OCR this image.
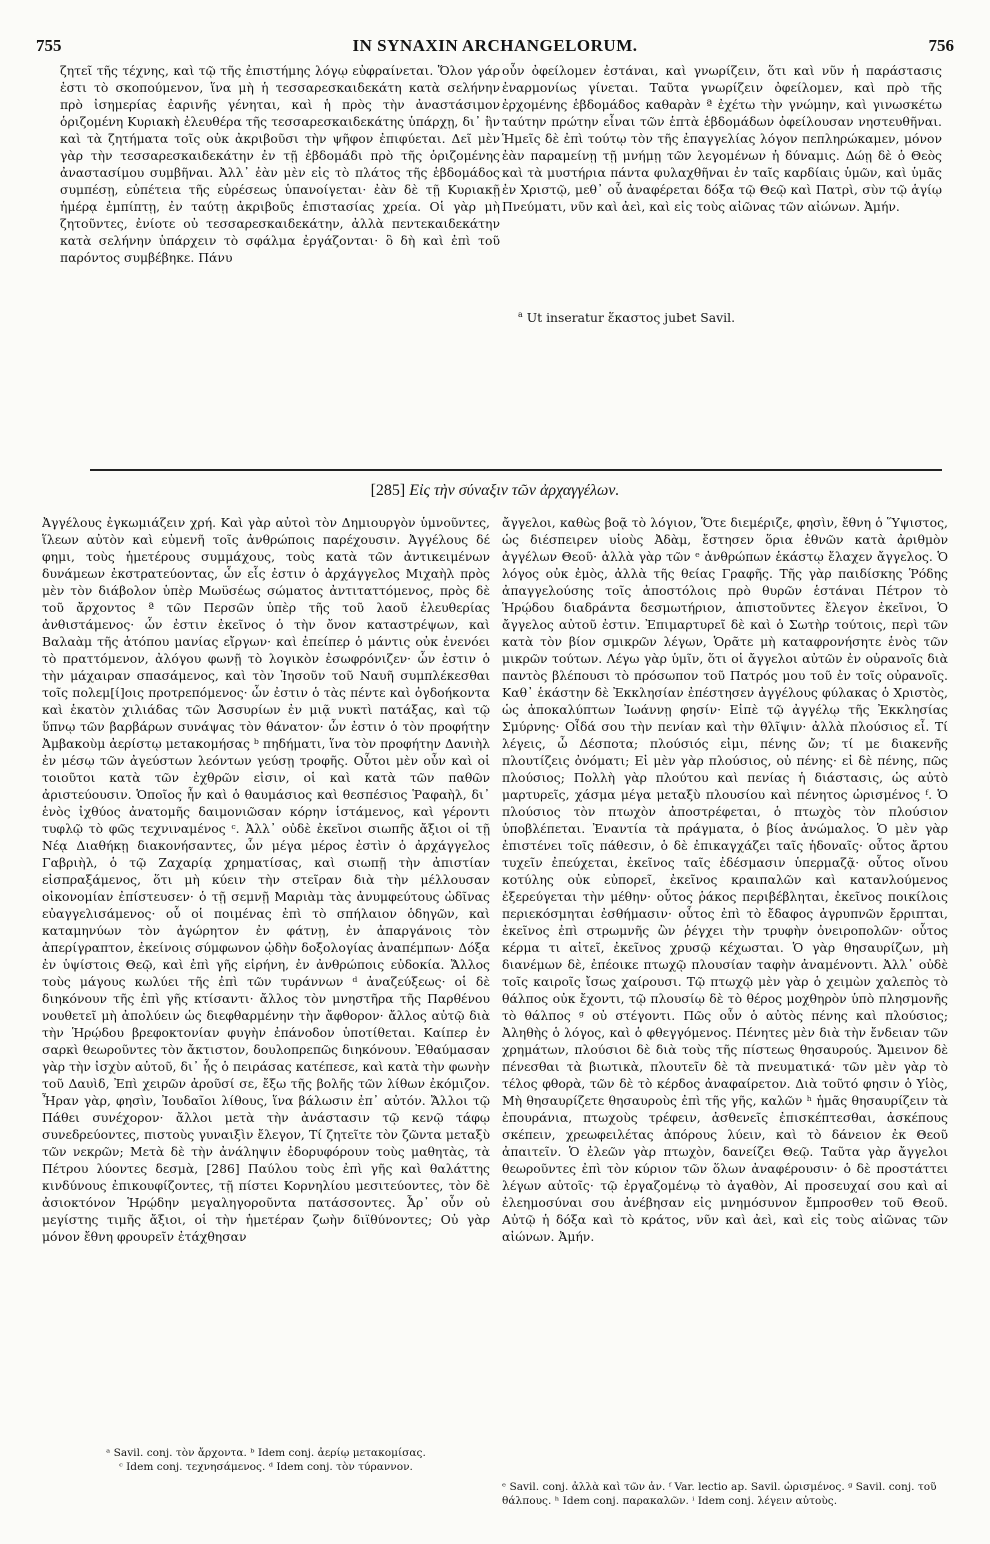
755	IN SYNAXIN ARCHANGELORUM.	756

ζητεῖ τῆς τέχνης, καὶ τῷ τῆς ἐπιστήμης λόγῳ εὐφραίνεται. Ὅλον γάρ ἐστι τὸ σκοπούμενον, ἵνα μὴ ἡ τεσσαρεσκαιδεκάτη κατὰ σελήνην πρὸ ἰσημερίας ἐαρινῆς γένηται, καὶ ἡ πρὸς τὴν ἀναστάσιμον ὁριζομένη Κυριακὴ ἐλευθέρα τῆς τεσσαρεσκαιδεκάτης ὑπάρχῃ, δι᾽ ἣν καὶ τὰ ζητήματα τοῖς οὐκ ἀκριβοῦσι τὴν ψῆφον ἐπιφύεται. Δεῖ μὲν γὰρ τὴν τεσσαρεσκαιδεκάτην ἐν τῇ ἑβδομάδι πρὸ τῆς ὁριζομένης ἀναστασίμου συμβῆναι. Ἀλλ᾽ ἐὰν μὲν εἰς τὸ πλάτος τῆς ἑβδομάδος συμπέσῃ, εὐπέτεια τῆς εὑρέσεως ὑπανοίγεται· ἐὰν δὲ τῇ Κυριακῇ ἡμέρᾳ ἐμπίπτῃ, ἐν ταύτῃ ἀκριβοῦς ἐπιστασίας χρεία. Οἱ γὰρ μὴ ζητοῦντες, ἐνίοτε οὐ τεσσαρεσκαιδεκάτην, ἀλλὰ πεντεκαιδεκάτην κατὰ σελήνην ὑπάρχειν τὸ σφάλμα ἐργάζονται· ὃ δὴ καὶ ἐπὶ τοῦ παρόντος συμβέβηκε. Πάνυ

οὖν ὀφείλομεν ἐστάναι, καὶ γνωρίζειν, ὅτι καὶ νῦν ἡ παράστασις ἐναρμονίως γίνεται. Ταῦτα γνωρίζειν ὀφείλομεν, καὶ πρὸ τῆς ἐρχομένης ἑβδομάδος καθαρὰν ª ἐχέτω τὴν γνώμην, καὶ γινωσκέτω ταύτην πρώτην εἶναι τῶν ἑπτὰ ἑβδομάδων ὀφείλουσαν νηστευθῆναι. Ἡμεῖς δὲ ἐπὶ τούτῳ τὸν τῆς ἐπαγγελίας λόγον πεπληρώκαμεν, μόνον ἐὰν παραμείνῃ τῇ μνήμῃ τῶν λεγομένων ἡ δύναμις. Δώῃ δὲ ὁ Θεὸς καὶ τὰ μυστήρια πάντα φυλαχθῆναι ἐν ταῖς καρδίαις ὑμῶν, καὶ ὑμᾶς ἐν Χριστῷ, μεθ᾽ οὗ ἀναφέρεται δόξα τῷ Θεῷ καὶ Πατρὶ, σὺν τῷ ἁγίῳ Πνεύματι, νῦν καὶ ἀεὶ, καὶ εἰς τοὺς αἰῶνας τῶν αἰώνων. Ἀμήν.

$^a$ Ut inseratur ἕκαστος jubet Savil.
[285] Εἰς τὴν σύναξιν τῶν ἀρχαγγέλων.

Ἀγγέλους ἐγκωμιάζειν χρή. Καὶ γὰρ αὐτοὶ τὸν Δημιουργὸν ὑμνοῦντες, ἵλεων αὐτὸν καὶ εὐμενῆ τοῖς ἀνθρώποις παρέχουσιν. Ἀγγέλους δέ φημι, τοὺς ἡμετέρους συμμάχους, τοὺς κατὰ τῶν ἀντικειμένων δυνάμεων ἐκστρατεύοντας, ὧν εἷς ἐστιν ὁ ἀρχάγγελος Μιχαὴλ πρὸς μὲν τὸν διάβολον ὑπὲρ Μωϋσέως σώματος ἀντιταττόμενος, πρὸς δὲ τοῦ ἄρχοντος ª τῶν Περσῶν ὑπὲρ τῆς τοῦ λαοῦ ἐλευθερίας ἀνθιστάμενος· ὧν ἐστιν ἐκεῖνος ὁ τὴν ὄνον καταστρέψων, καὶ Βαλαὰμ τῆς ἀτόπου μανίας εἴργων· καὶ ἐπείπερ ὁ μάντις οὐκ ἐνενόει τὸ πραττόμενον, ἀλόγου φωνῇ τὸ λογικὸν ἐσωφρόνιζεν· ὧν ἐστιν ὁ τὴν μάχαιραν σπασάμενος, καὶ τὸν Ἰησοῦν τοῦ Ναυῆ συμπλέκεσθαι τοῖς πολεμ[ί]οις προτρεπόμενος· ὧν ἐστιν ὁ τὰς πέντε καὶ ὀγδοήκοντα καὶ ἑκατὸν χιλιάδας τῶν Ἀσσυρίων ἐν μιᾷ νυκτὶ πατάξας, καὶ τῷ ὕπνῳ τῶν βαρβάρων συνάψας τὸν θάνατον· ὧν ἐστιν ὁ τὸν προφήτην Ἀμβακοὺμ ἀερίστῳ μετακομήσας ᵇ πηδήματι, ἵνα τὸν προφήτην Δανιὴλ ἐν μέσῳ τῶν ἀγεύστων λεόντων γεύσῃ τροφῆς. Οὗτοι μὲν οὖν καὶ οἱ τοιοῦτοι κατὰ τῶν ἐχθρῶν εἰσιν, οἱ καὶ κατὰ τῶν παθῶν ἀριστεύουσιν. Ὁποῖος ἦν καὶ ὁ θαυμάσιος καὶ θεσπέσιος Ῥαφαὴλ, δι᾽ ἑνὸς ἰχθύος ἀνατομῆς δαιμονιῶσαν κόρην ἱστάμενος, καὶ γέροντι τυφλῷ τὸ φῶς τεχνιναμένος ᶜ. Ἀλλ᾽ οὐδὲ ἐκεῖνοι σιωπῆς ἄξιοι οἱ τῇ Νέᾳ Διαθήκῃ διακονήσαντες, ὧν μέγα μέρος ἐστὶν ὁ ἀρχάγγελος Γαβριὴλ, ὁ τῷ Ζαχαρίᾳ χρηματίσας, καὶ σιωπῇ τὴν ἀπιστίαν εἰσπραξάμενος, ὅτι μὴ κύειν τὴν στεῖραν διὰ τὴν μέλλουσαν οἰκονομίαν ἐπίστευσεν· ὁ τῇ σεμνῇ Μαριὰμ τὰς ἀνυμφεύτους ὠδῖνας εὐαγγελισάμενος· οὗ οἱ ποιμένας ἐπὶ τὸ σπήλαιον ὁδηγῶν, καὶ καταμηνύων τὸν ἀγώρητον ἐν φάτνῃ, ἐν ἀπαργάνοις τὸν ἀπερίγραπτον, ἐκείνοις σύμφωνον ᾠδὴν δοξολογίας ἀναπέμπων· Δόξα ἐν ὑψίστοις Θεῷ, καὶ ἐπὶ γῆς εἰρήνη, ἐν ἀνθρώποις εὐδοκία. Ἄλλος τοὺς μάγους κωλύει τῆς ἐπὶ τῶν τυράννων ᵈ ἀναζεύξεως· οἱ δὲ διηκόνουν τῆς ἐπὶ γῆς κτίσαντι· ἄλλος τὸν μνηστῆρα τῆς Παρθένου νουθετεῖ μὴ ἀπολύειν ὡς διεφθαρμένην τὴν ἄφθορον· ἄλλος αὐτῷ διὰ τὴν Ἡρῴδου βρεφοκτονίαν φυγὴν ἐπάνοδον ὑποτίθεται. Καίπερ ἐν σαρκὶ θεωροῦντες τὸν ἄκτιστον, δουλοπρεπῶς διηκόνουν. Ἐθαύμασαν γὰρ τὴν ἰσχὺν αὐτοῦ, δι᾽ ἧς ὁ πειράσας κατέπεσε, καὶ κατὰ τὴν φωνὴν τοῦ Δαυὶδ, Ἐπὶ χειρῶν ἀροῦσί σε, ἔξω τῆς βολῆς τῶν λίθων ἐκόμιζον. Ἦραν γὰρ, φησὶν, Ἰουδαῖοι λίθους, ἵνα βάλωσιν ἐπ᾽ αὐτόν. Ἄλλοι τῷ Πάθει συνέχορον· ἄλλοι μετὰ τὴν ἀνάστασιν τῷ κενῷ τάφῳ συνεδρεύοντες, πιστοὺς γυναιξὶν ἔλεγον, Τί ζητεῖτε τὸν ζῶντα μεταξὺ τῶν νεκρῶν; Μετὰ δὲ τὴν ἀνάληψιν ἐδορυφόρουν τοὺς μαθητὰς, τὰ Πέτρου λύοντες δεσμὰ, [286] Παύλου τοὺς ἐπὶ γῆς καὶ θαλάττης κινδύνους ἐπικουφίζοντες, τῇ πίστει Κορνηλίου μεσιτεύοντες, τὸν δὲ ἀσιοκτόνον Ἡρῴδην μεγαληγοροῦντα πατάσσοντες. Ἆρ᾽ οὖν οὐ μεγίστης τιμῆς ἄξιοι, οἱ τὴν ἡμετέραν ζωὴν διϊθύνοντες; Οὐ γὰρ μόνον ἔθνη φρουρεῖν ἐτάχθησαν

ἄγγελοι, καθὼς βοᾷ τὸ λόγιον, Ὅτε διεμέριζε, φησὶν, ἔθνη ὁ Ὕψιστος, ὡς διέσπειρεν υἱοὺς Ἀδὰμ, ἔστησεν ὅρια ἐθνῶν κατὰ ἀριθμὸν ἀγγέλων Θεοῦ· ἀλλὰ γὰρ τῶν ᵉ ἀνθρώπων ἑκάστῳ ἔλαχεν ἄγγελος. Ὁ λόγος οὐκ ἐμὸς, ἀλλὰ τῆς θείας Γραφῆς. Τῆς γὰρ παιδίσκης Ῥόδης ἀπαγγελούσης τοῖς ἀποστόλοις πρὸ θυρῶν ἑστάναι Πέτρον τὸ Ἡρῴδου διαδράντα δεσμωτήριον, ἀπιστοῦντες ἔλεγον ἐκεῖνοι, Ὁ ἄγγελος αὐτοῦ ἐστιν. Ἐπιμαρτυρεῖ δὲ καὶ ὁ Σωτὴρ τούτοις, περὶ τῶν κατὰ τὸν βίον σμικρῶν λέγων, Ὁρᾶτε μὴ καταφρονήσητε ἑνὸς τῶν μικρῶν τούτων. Λέγω γὰρ ὑμῖν, ὅτι οἱ ἄγγελοι αὐτῶν ἐν οὐρανοῖς διὰ παντὸς βλέπουσι τὸ πρόσωπον τοῦ Πατρός μου τοῦ ἐν τοῖς οὐρανοῖς. Καθ᾽ ἑκάστην δὲ Ἐκκλησίαν ἐπέστησεν ἀγγέλους φύλακας ὁ Χριστὸς, ὡς ἀποκαλύπτων Ἰωάννῃ φησίν· Εἰπὲ τῷ ἀγγέλῳ τῆς Ἐκκλησίας Σμύρνης· Οἶδά σου τὴν πενίαν καὶ τὴν θλῖψιν· ἀλλὰ πλούσιος εἶ. Τί λέγεις, ὦ Δέσποτα; πλούσιός εἰμι, πένης ὤν; τί με διακενῆς πλουτίζεις ὀνόματι; Εἰ μὲν γὰρ πλούσιος, οὐ πένης· εἰ δὲ πένης, πῶς πλούσιος; Πολλὴ γὰρ πλούτου καὶ πενίας ἡ διάστασις, ὡς αὐτὸ μαρτυρεῖς, χάσμα μέγα μεταξὺ πλουσίου καὶ πένητος ὡρισμένος ᶠ. Ὁ πλούσιος τὸν πτωχὸν ἀποστρέφεται, ὁ πτωχὸς τὸν πλούσιον ὑποβλέπεται. Ἐναντία τὰ πράγματα, ὁ βίος ἀνώμαλος. Ὁ μὲν γὰρ ἐπιστένει τοῖς πάθεσιν, ὁ δὲ ἐπικαγχάζει ταῖς ἡδοναῖς· οὗτος ἄρτου τυχεῖν ἐπεύχεται, ἐκεῖνος ταῖς ἐδέσμασιν ὑπερμαζᾷ· οὗτος οἴνου κοτύλης οὐκ εὐπορεῖ, ἐκεῖνος κραιπαλῶν καὶ κατανλούμενος ἐξερεύγεται τὴν μέθην· οὗτος ῥάκος περιβέβληται, ἐκεῖνος ποικίλοις περιεκόσμηται ἐσθήμασιν· οὗτος ἐπὶ τὸ ἔδαφος ἀγρυπνῶν ἔρριπται, ἐκεῖνος ἐπὶ στρωμνῆς ὢν ῥέγχει τὴν τρυφὴν ὀνειροπολῶν· οὗτος κέρμα τι αἰτεῖ, ἐκεῖνος χρυσῷ κέχωσται. Ὁ γὰρ θησαυρίζων, μὴ διανέμων δὲ, ἐπέοικε πτωχῷ πλουσίαν ταφὴν ἀναμένοντι. Ἀλλ᾽ οὐδὲ τοῖς καιροῖς ἴσως χαίρουσι. Τῷ πτωχῷ μὲν γὰρ ὁ χειμὼν χαλεπὸς τὸ θάλπος οὐκ ἔχοντι, τῷ πλουσίῳ δὲ τὸ θέρος μοχθηρὸν ὑπὸ πλησμονῆς τὸ θάλπος ᵍ οὐ στέγοντι. Πῶς οὖν ὁ αὐτὸς πένης καὶ πλούσιος; Ἀληθὴς ὁ λόγος, καὶ ὁ φθεγγόμενος. Πένητες μὲν διὰ τὴν ἔνδειαν τῶν χρημάτων, πλούσιοι δὲ διὰ τοὺς τῆς πίστεως θησαυρούς. Ἄμεινον δὲ πένεσθαι τὰ βιωτικὰ, πλουτεῖν δὲ τὰ πνευματικά· τῶν μὲν γὰρ τὸ τέλος φθορὰ, τῶν δὲ τὸ κέρδος ἀναφαίρετον. Διὰ τοῦτό φησιν ὁ Υἱὸς, Μὴ θησαυρίζετε θησαυροὺς ἐπὶ τῆς γῆς, καλῶν ʰ ἡμᾶς θησαυρίζειν τὰ ἐπουράνια, πτωχοὺς τρέφειν, ἀσθενεῖς ἐπισκέπτεσθαι, ἀσκέπους σκέπειν, χρεωφειλέτας ἀπόρους λύειν, καὶ τὸ δάνειον ἐκ Θεοῦ ἀπαιτεῖν. Ὁ ἐλεῶν γὰρ πτωχὸν, δανείζει Θεῷ. Ταῦτα γὰρ ἄγγελοι θεωροῦντες ἐπὶ τὸν κύριον τῶν ὅλων ἀναφέρουσιν· ὁ δὲ προστάττει λέγων αὐτοῖς· τῷ ἐργαζομένῳ τὸ ἀγαθὸν, Αἱ προσευχαί σου καὶ αἱ ἐλεημοσύναι σου ἀνέβησαν εἰς μνημόσυνον ἔμπροσθεν τοῦ Θεοῦ. Αὐτῷ ἡ δόξα καὶ τὸ κράτος, νῦν καὶ ἀεὶ, καὶ εἰς τοὺς αἰῶνας τῶν αἰώνων. Ἀμήν.

ᵃ Savil. conj. τὸν ἄρχοντα. ᵇ Idem conj. ἀερίῳ μετακομίσας.
ᶜ Idem conj. τεχνησάμενος. ᵈ Idem conj. τὸν τύραννον.
ᵉ Savil. conj. ἀλλὰ καὶ τῶν ἀν. ᶠ Var. lectio ap. Savil. ὡρισμένος. ᵍ Savil. conj. τοῦ θάλπους. ʰ Idem conj. παρακαλῶν. ⁱ Idem conj. λέγειν αὐτοὺς.
